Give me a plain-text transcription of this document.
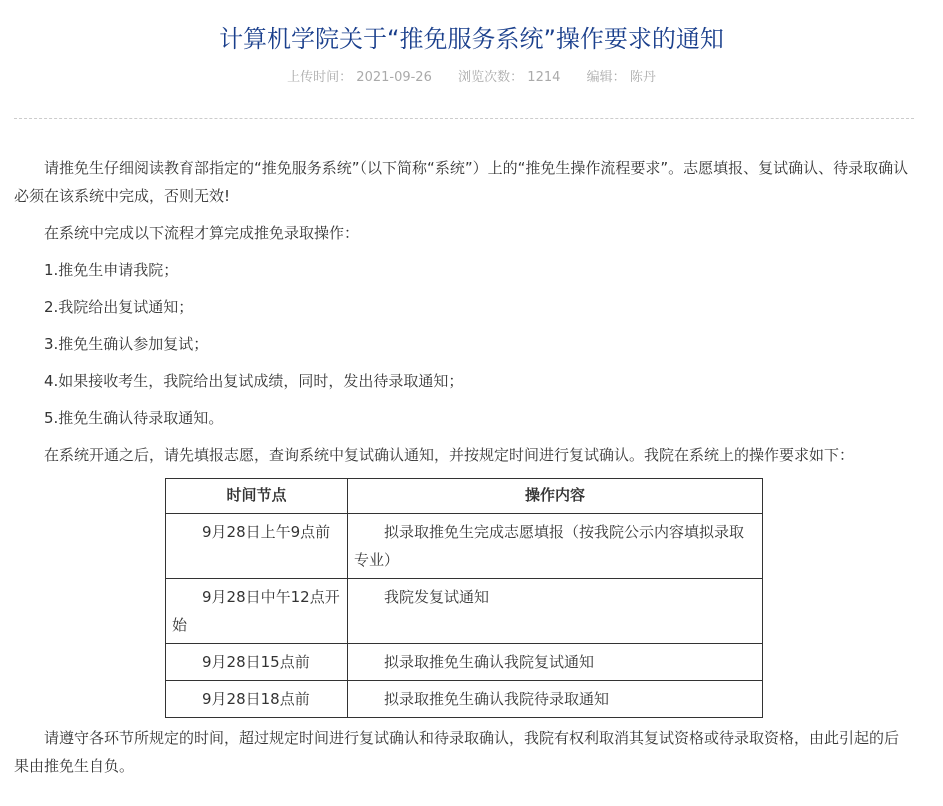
计算机学院关于“推免服务系统”操作要求的通知
上传时间： 2021-09-26 浏览次数： 1214 编辑： 陈丹

请推免生仔细阅读教育部指定的“推免服务系统”（以下简称“系统”）上的“推免生操作流程要求”。志愿填报、复试确认、待录取确认必须在该系统中完成，否则无效!

在系统中完成以下流程才算完成推免录取操作：

1.推免生申请我院；

2.我院给出复试通知；

3.推免生确认参加复试；

4.如果接收考生，我院给出复试成绩，同时，发出待录取通知；

5.推免生确认待录取通知。

在系统开通之后，请先填报志愿，查询系统中复试确认通知，并按规定时间进行复试确认。我院在系统上的操作要求如下：

时间节点	操作内容
9月28日上午9点前	拟录取推免生完成志愿填报（按我院公示内容填拟录取专业）
9月28日中午12点开始	我院发复试通知
9月28日15点前	拟录取推免生确认我院复试通知
9月28日18点前	拟录取推免生确认我院待录取通知

请遵守各环节所规定的时间，超过规定时间进行复试确认和待录取确认，我院有权利取消其复试资格或待录取资格，由此引起的后果由推免生自负。
